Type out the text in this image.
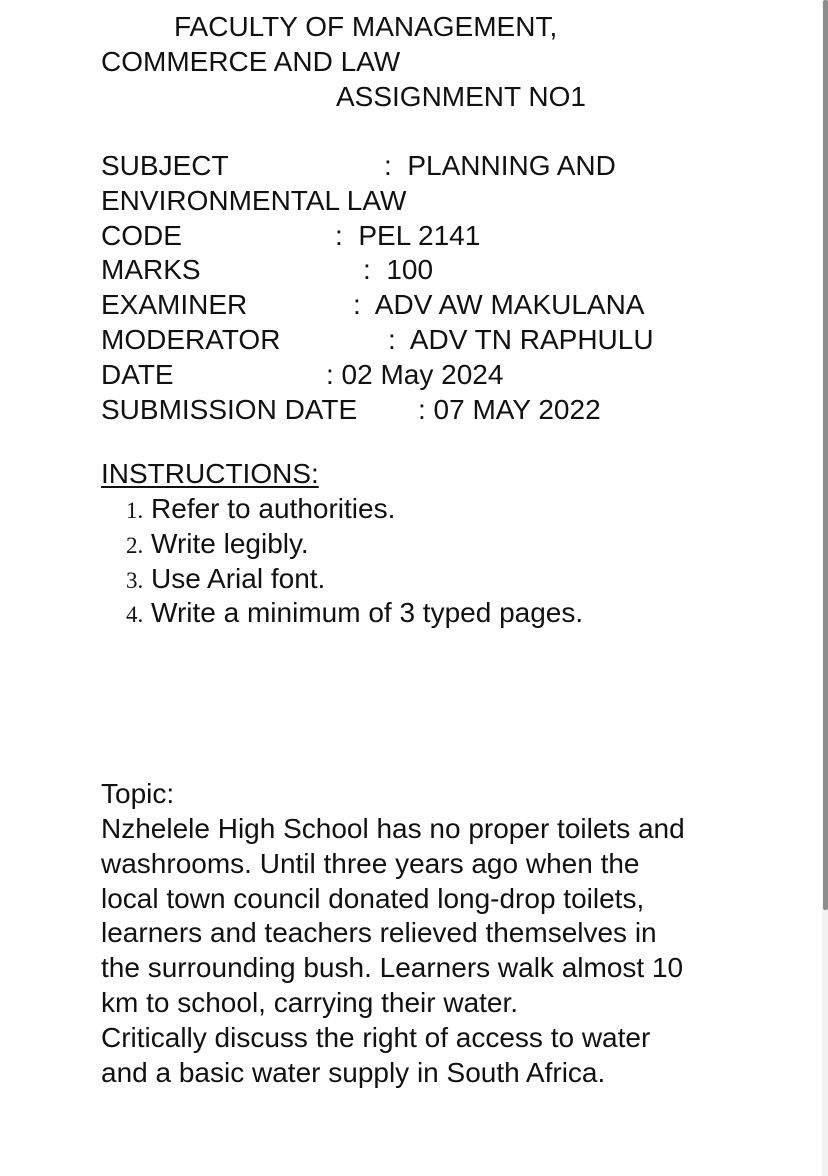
FACULTY OF MANAGEMENT,
COMMERCE AND LAW
ASSIGNMENT NO1
SUBJECT	:  PLANNING AND
ENVIRONMENTAL LAW
CODE	:  PEL 2141
MARKS	:  100
EXAMINER	:  ADV AW MAKULANA
MODERATOR	:  ADV TN RAPHULU
DATE	: 02 May 2024
SUBMISSION DATE : 07 MAY 2022
INSTRUCTIONS:
1. Refer to authorities.
2. Write legibly.
3. Use Arial font.
4. Write a minimum of 3 typed pages.
Topic:
Nzhelele High School has no proper toilets and
washrooms. Until three years ago when the
local town council donated long-drop toilets,
learners and teachers relieved themselves in
the surrounding bush. Learners walk almost 10
km to school, carrying their water.
Critically discuss the right of access to water
and a basic water supply in South Africa.
